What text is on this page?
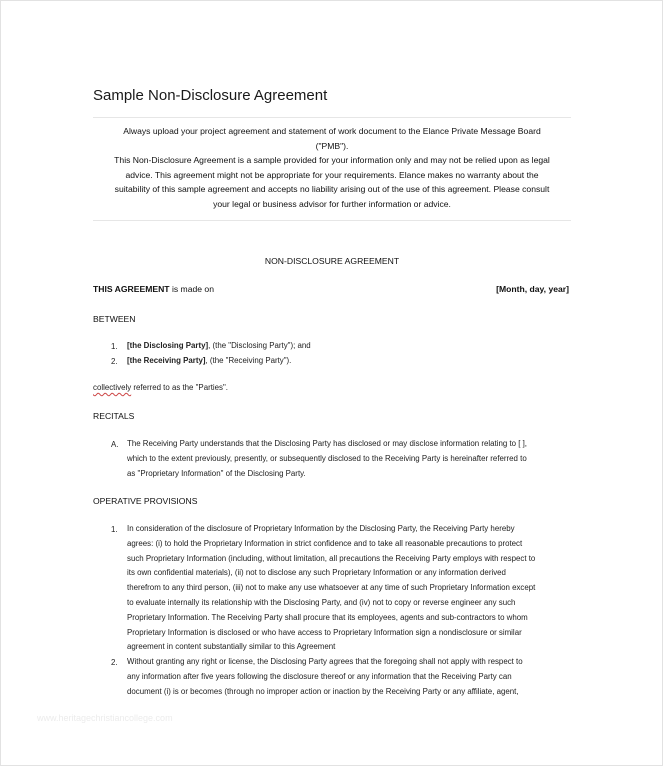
Sample Non-Disclosure Agreement
Always upload your project agreement and statement of work document to the Elance Private Message Board
("PMB").
This Non-Disclosure Agreement is a sample provided for your information only and may not be relied upon as legal
advice. This agreement might not be appropriate for your requirements. Elance makes no warranty about the
suitability of this sample agreement and accepts no liability arising out of the use of this agreement. Please consult
your legal or business advisor for further information or advice.
NON-DISCLOSURE AGREEMENT
THIS AGREEMENT is made on	[Month, day, year]
BETWEEN
1. [the Disclosing Party], (the "Disclosing Party"); and
2. [the Receiving Party], (the "Receiving Party").
collectively referred to as the "Parties".
RECITALS
A. The Receiving Party understands that the Disclosing Party has disclosed or may disclose information relating to [ ],
which to the extent previously, presently, or subsequently disclosed to the Receiving Party is hereinafter referred to
as "Proprietary Information" of the Disclosing Party.
OPERATIVE PROVISIONS
1. In consideration of the disclosure of Proprietary Information by the Disclosing Party, the Receiving Party hereby
agrees: (i) to hold the Proprietary Information in strict confidence and to take all reasonable precautions to protect
such Proprietary Information (including, without limitation, all precautions the Receiving Party employs with respect to
its own confidential materials), (ii) not to disclose any such Proprietary Information or any information derived
therefrom to any third person, (iii) not to make any use whatsoever at any time of such Proprietary Information except
to evaluate internally its relationship with the Disclosing Party, and (iv) not to copy or reverse engineer any such
Proprietary Information. The Receiving Party shall procure that its employees, agents and sub-contractors to whom
Proprietary Information is disclosed or who have access to Proprietary Information sign a nondisclosure or similar
agreement in content substantially similar to this Agreement
2. Without granting any right or license, the Disclosing Party agrees that the foregoing shall not apply with respect to
any information after five years following the disclosure thereof or any information that the Receiving Party can
document (i) is or becomes (through no improper action or inaction by the Receiving Party or any affiliate, agent,
www.heritagechristiancollege.com
